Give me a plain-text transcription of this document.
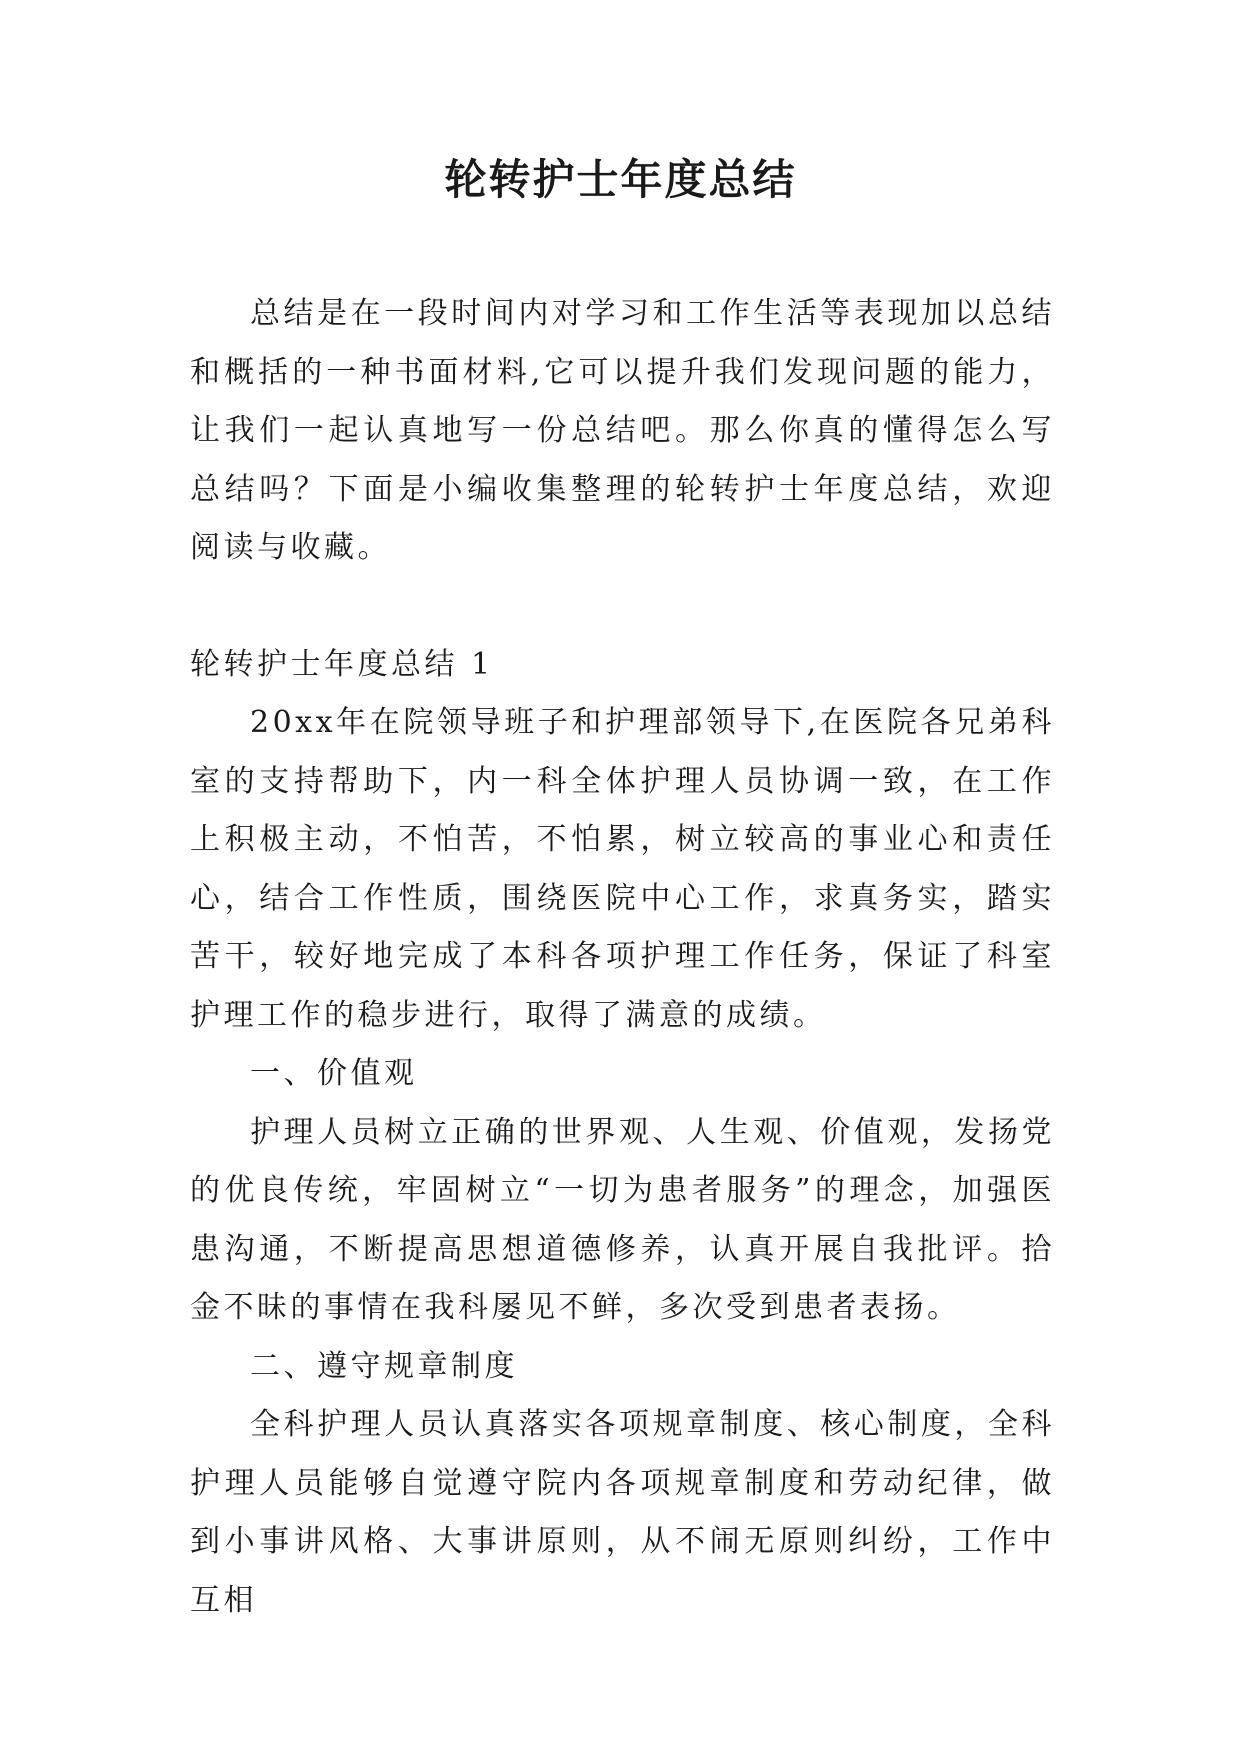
轮转护士年度总结

总结是在一段时间内对学习和工作生活等表现加以总结和概括的一种书面材料,它可以提升我们发现问题的能力，让我们一起认真地写一份总结吧。那么你真的懂得怎么写总结吗？下面是小编收集整理的轮转护士年度总结，欢迎阅读与收藏。

轮转护士年度总结 1

20xx年在院领导班子和护理部领导下,在医院各兄弟科室的支持帮助下，内一科全体护理人员协调一致，在工作上积极主动，不怕苦，不怕累，树立较高的事业心和责任心，结合工作性质，围绕医院中心工作，求真务实，踏实苦干，较好地完成了本科各项护理工作任务，保证了科室护理工作的稳步进行，取得了满意的成绩。

一、价值观

护理人员树立正确的世界观、人生观、价值观，发扬党的优良传统，牢固树立“一切为患者服务”的理念，加强医患沟通，不断提高思想道德修养，认真开展自我批评。拾金不昧的事情在我科屡见不鲜，多次受到患者表扬。

二、遵守规章制度

全科护理人员认真落实各项规章制度、核心制度，全科护理人员能够自觉遵守院内各项规章制度和劳动纪律，做到小事讲风格、大事讲原则，从不闹无原则纠纷，工作中互相
